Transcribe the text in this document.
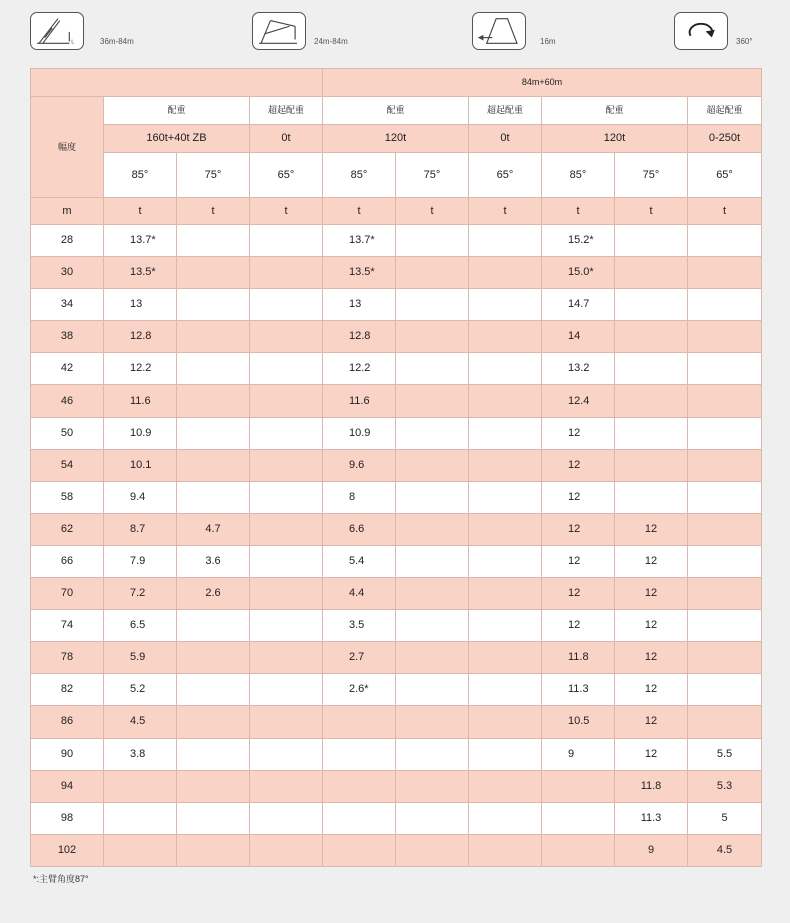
L	36m-84m	24m-84m	16m	360°
				84m+60m					
幅度	配重		超起配重	配重		超起配重	配重		超起配重
	160t+40t ZB		0t	120t		0t	120t		0-250t
	85°	75°	65°	85°	75°	65°	85°	75°	65°
m	t	t	t	t	t	t	t	t	t
28	13.7*			13.7*			15.2*		
30	13.5*			13.5*			15.0*		
34	13			13			14.7		
38	12.8			12.8			14		
42	12.2			12.2			13.2		
46	11.6			11.6			12.4		
50	10.9			10.9			12		
54	10.1			9.6			12		
58	9.4			8			12		
62	8.7	4.7		6.6			12	12	
66	7.9	3.6		5.4			12	12	
70	7.2	2.6		4.4			12	12	
74	6.5			3.5			12	12	
78	5.9			2.7			11.8	12	
82	5.2			2.6*			11.3	12	
86	4.5						10.5	12	
90	3.8						9	12	5.5
94								11.8	5.3
98								11.3	5
102								9	4.5
*:主臂角度87°
